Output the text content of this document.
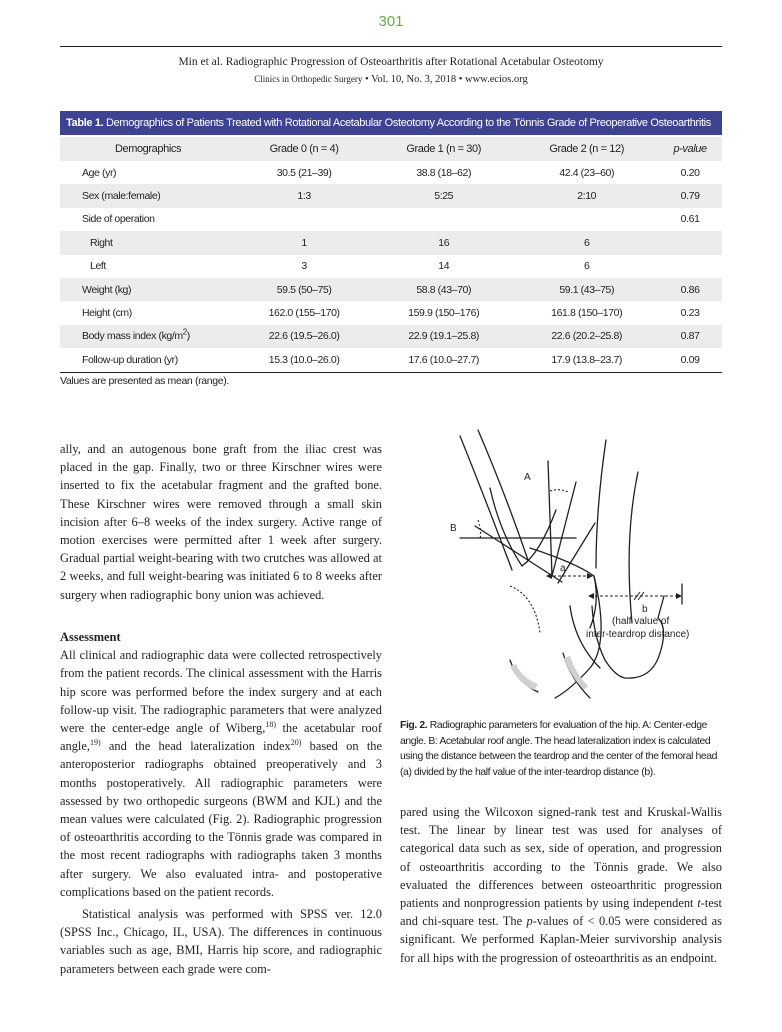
301
Min et al. Radiographic Progression of Osteoarthritis after Rotational Acetabular Osteotomy
Clinics in Orthopedic Surgery • Vol. 10, No. 3, 2018 • www.ecios.org
Table 1. Demographics of Patients Treated with Rotational Acetabular Osteotomy According to the Tönnis Grade of Preoperative Osteoarthritis
Demographics	Grade 0 (n = 4)	Grade 1 (n = 30)	Grade 2 (n = 12)	p-value
Age (yr)	30.5 (21–39)	38.8 (18–62)	42.4 (23–60)	0.20
Sex (male:female)	1:3	5:25	2:10	0.79
Side of operation				0.61
Right	1	16	6	
Left	3	14	6	
Weight (kg)	59.5 (50–75)	58.8 (43–70)	59.1 (43–75)	0.86
Height (cm)	162.0 (155–170)	159.9 (150–176)	161.8 (150–170)	0.23
Body mass index $(kg/m^2)$	22.6 (19.5–26.0)	22.9 (19.1–25.8)	22.6 (20.2–25.8)	0.87
Follow-up duration (yr)	15.3 (10.0–26.0)	17.6 (10.0–27.7)	17.9 (13.8–23.7)	0.09
Values are presented as mean (range).

ally, and an autogenous bone graft from the iliac crest was placed in the gap. Finally, two or three Kirschner wires were inserted to fix the acetabular fragment and the grafted bone. These Kirschner wires were removed through a small skin incision after 6–8 weeks of the index surgery. Active range of motion exercises were permitted after 1 week after surgery. Gradual partial weight-bearing with two crutches was allowed at 2 weeks, and full weight-bearing was initiated 6 to 8 weeks after surgery when radiographic bony union was achieved.

Assessment

All clinical and radiographic data were collected retrospectively from the patient records. The clinical assessment with the Harris hip score was performed before the index surgery and at each follow-up visit. The radiographic parameters that were analyzed were the center-edge angle of Wiberg,$^{18)}$ the acetabular roof angle,$^{19)}$ and the head lateralization index$^{20)}$ based on the anteroposterior radiographs obtained preoperatively and 3 months postoperatively. All radiographic parameters were assessed by two orthopedic surgeons (BWM and KJL) and the mean values were calculated (Fig. 2). Radiographic progression of osteoarthritis according to the Tönnis grade was compared in the most recent radiographs with radiographs taken 3 months after surgery. We also evaluated intra- and postoperative complications based on the patient records.

Statistical analysis was performed with SPSS ver. 12.0 (SPSS Inc., Chicago, IL, USA). The differences in continuous variables such as age, BMI, Harris hip score, and radiographic parameters between each grade were com-

A
B
a
b
(half value of
inter-teardrop distance)
Fig. 2. Radiographic parameters for evaluation of the hip. A: Center-edge angle. B: Acetabular roof angle. The head lateralization index is calculated using the distance between the teardrop and the center of the femoral head (a) divided by the half value of the inter-teardrop distance (b).

pared using the Wilcoxon signed-rank test and Kruskal-Wallis test. The linear by linear test was used for analyses of categorical data such as sex, side of operation, and progression of osteoarthritis according to the Tönnis grade. We also evaluated the differences between osteoarthritic progression patients and nonprogression patients by using independent t-test and chi-square test. The p-values of < 0.05 were considered as significant. We performed Kaplan-Meier survivorship analysis for all hips with the progression of osteoarthritis as an endpoint.
